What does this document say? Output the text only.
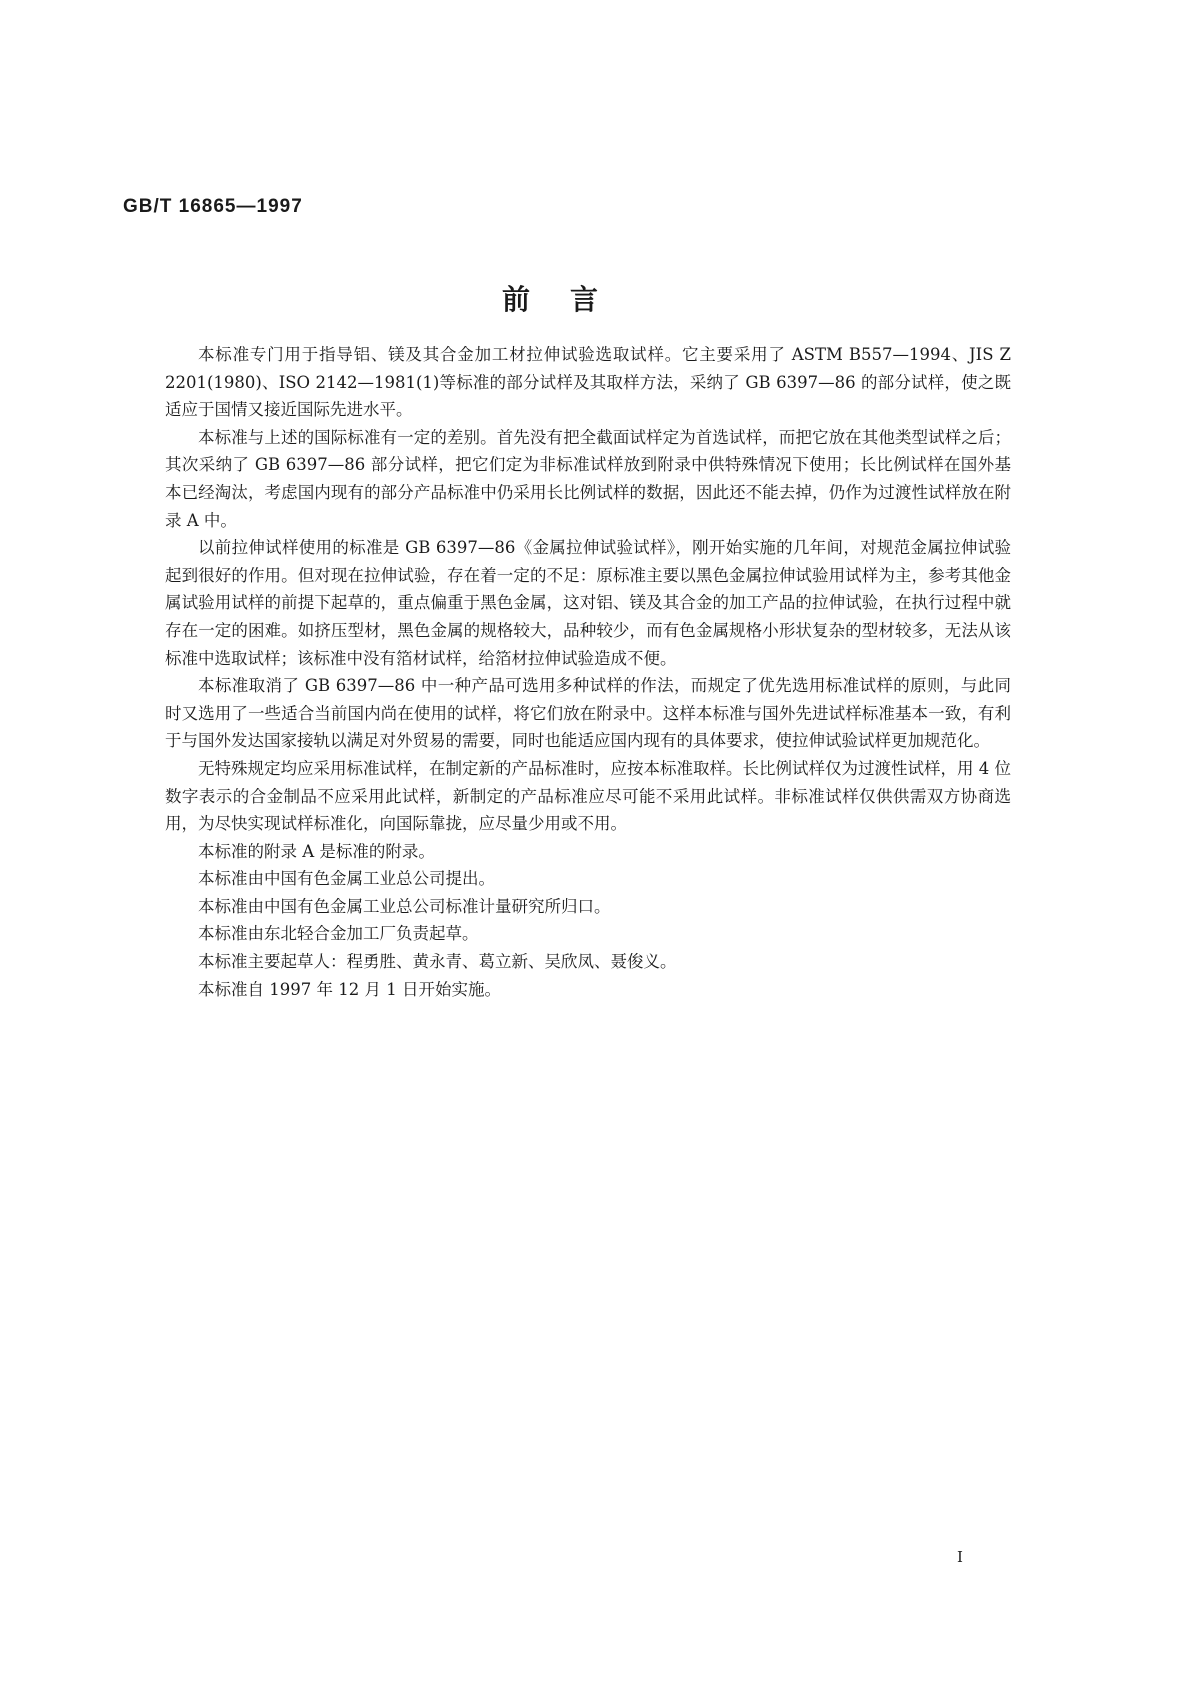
GB/T 16865—1997
前言

本标准专门用于指导铝、镁及其合金加工材拉伸试验选取试样。它主要采用了 ASTM B557—1994、JIS Z 2201(1980)、ISO 2142—1981(1)等标准的部分试样及其取样方法，采纳了 GB 6397—86 的部分试样，使之既适应于国情又接近国际先进水平。

本标准与上述的国际标准有一定的差别。首先没有把全截面试样定为首选试样，而把它放在其他类型试样之后；其次采纳了 GB 6397—86 部分试样，把它们定为非标准试样放到附录中供特殊情况下使用；长比例试样在国外基本已经淘汰，考虑国内现有的部分产品标准中仍采用长比例试样的数据，因此还不能去掉，仍作为过渡性试样放在附录 A 中。

以前拉伸试样使用的标准是 GB 6397—86《金属拉伸试验试样》，刚开始实施的几年间，对规范金属拉伸试验起到很好的作用。但对现在拉伸试验，存在着一定的不足：原标准主要以黑色金属拉伸试验用试样为主，参考其他金属试验用试样的前提下起草的，重点偏重于黑色金属，这对铝、镁及其合金的加工产品的拉伸试验，在执行过程中就存在一定的困难。如挤压型材，黑色金属的规格较大，品种较少，而有色金属规格小形状复杂的型材较多，无法从该标准中选取试样；该标准中没有箔材试样，给箔材拉伸试验造成不便。

本标准取消了 GB 6397—86 中一种产品可选用多种试样的作法，而规定了优先选用标准试样的原则，与此同时又选用了一些适合当前国内尚在使用的试样，将它们放在附录中。这样本标准与国外先进试样标准基本一致，有利于与国外发达国家接轨以满足对外贸易的需要，同时也能适应国内现有的具体要求，使拉伸试验试样更加规范化。

无特殊规定均应采用标准试样，在制定新的产品标准时，应按本标准取样。长比例试样仅为过渡性试样，用 4 位数字表示的合金制品不应采用此试样，新制定的产品标准应尽可能不采用此试样。非标准试样仅供供需双方协商选用，为尽快实现试样标准化，向国际靠拢，应尽量少用或不用。

本标准的附录 A 是标准的附录。

本标准由中国有色金属工业总公司提出。

本标准由中国有色金属工业总公司标准计量研究所归口。

本标准由东北轻合金加工厂负责起草。

本标准主要起草人：程勇胜、黄永青、葛立新、吴欣凤、聂俊义。

本标准自 1997 年 12 月 1 日开始实施。

I
